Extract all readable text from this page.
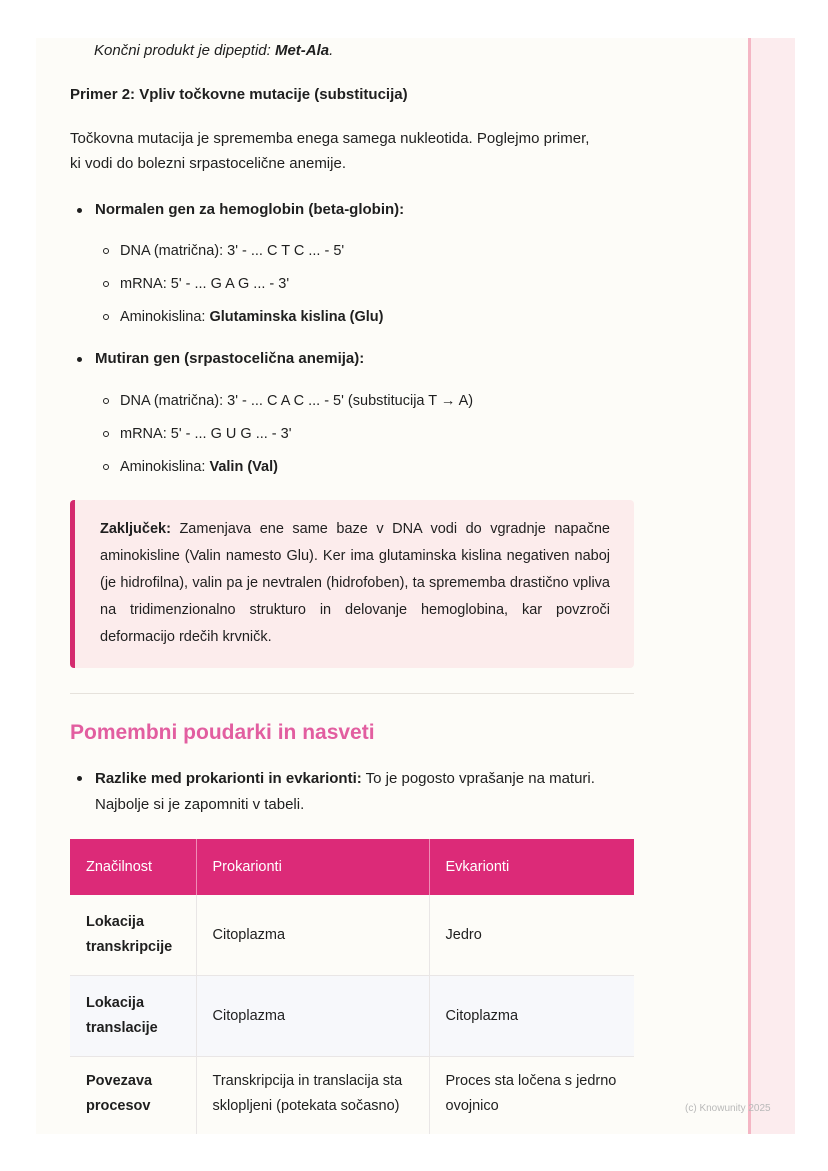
Končni produkt je dipeptid: Met-Ala.
Primer 2: Vpliv točkovne mutacije (substitucija)
Točkovna mutacija je sprememba enega samega nukleotida. Poglejmo primer,
ki vodi do bolezni srpastocelične anemije.
Normalen gen za hemoglobin (beta-globin):
DNA (matrična): 3' - ... C T C ... - 5'
mRNA: 5' - ... G A G ... - 3'
Aminokislina: Glutaminska kislina (Glu)
Mutiran gen (srpastocelična anemija):
DNA (matrična): 3' - ... C A C ... - 5' (substitucija T → A)
mRNA: 5' - ... G U G ... - 3'
Aminokislina: Valin (Val)
Zaključek: Zamenjava ene same baze v DNA vodi do vgradnje napačne aminokisline (Valin namesto Glu). Ker ima glutaminska kislina negativen naboj (je hidrofilna), valin pa je nevtralen (hidrofoben), ta sprememba drastično vpliva na tridimenzionalno strukturo in delovanje hemoglobina, kar povzroči deformacijo rdečih krvničk.
Pomembni poudarki in nasveti
Razlike med prokarionti in evkarionti: To je pogosto vprašanje na maturi. Najbolje si je zapomniti v tabeli.
Značilnost	Prokarionti	Evkarionti
Lokacija transkripcije	Citoplazma	Jedro
Lokacija translacije	Citoplazma	Citoplazma
Povezava procesov	Transkripcija in translacija sta sklopljeni (potekata sočasno)	Proces sta ločena s jedrno ovojnico	(c) Knowunity 2025
